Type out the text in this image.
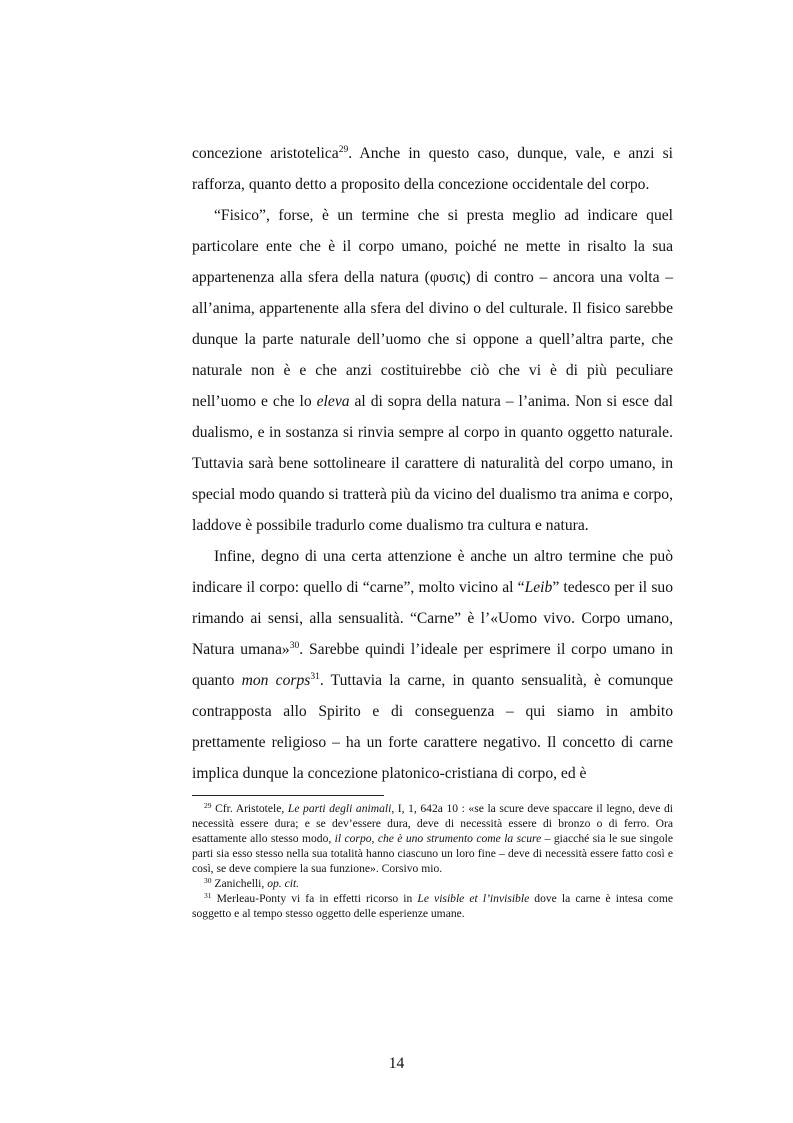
concezione aristotelica$^{29}$. Anche in questo caso, dunque, vale, e anzi si rafforza, quanto detto a proposito della concezione occidentale del corpo.

“Fisico”, forse, è un termine che si presta meglio ad indicare quel particolare ente che è il corpo umano, poiché ne mette in risalto la sua appartenenza alla sfera della natura (φυσις) di contro – ancora una volta – all’anima, appartenente alla sfera del divino o del culturale. Il fisico sarebbe dunque la parte naturale dell’uomo che si oppone a quell’altra parte, che naturale non è e che anzi costituirebbe ciò che vi è di più peculiare nell’uomo e che lo eleva al di sopra della natura – l’anima. Non si esce dal dualismo, e in sostanza si rinvia sempre al corpo in quanto oggetto naturale. Tuttavia sarà bene sottolineare il carattere di naturalità del corpo umano, in special modo quando si tratterà più da vicino del dualismo tra anima e corpo, laddove è possibile tradurlo come dualismo tra cultura e natura.

Infine, degno di una certa attenzione è anche un altro termine che può indicare il corpo: quello di “carne”, molto vicino al “Leib” tedesco per il suo rimando ai sensi, alla sensualità. “Carne” è l’«Uomo vivo. Corpo umano, Natura umana»$^{30}$. Sarebbe quindi l’ideale per esprimere il corpo umano in quanto mon corps$^{31}$. Tuttavia la carne, in quanto sensualità, è comunque contrapposta allo Spirito e di conseguenza – qui siamo in ambito prettamente religioso – ha un forte carattere negativo. Il concetto di carne implica dunque la concezione platonico-cristiana di corpo, ed è

$^{29}$ Cfr. Aristotele, Le parti degli animali, I, 1, 642a 10 : «se la scure deve spaccare il legno, deve di necessità essere dura; e se dev’essere dura, deve di necessità essere di bronzo o di ferro. Ora esattamente allo stesso modo, il corpo, che è uno strumento come la scure – giacché sia le sue singole parti sia esso stesso nella sua totalità hanno ciascuno un loro fine – deve di necessità essere fatto così e così, se deve compiere la sua funzione». Corsivo mio.

$^{30}$ Zanichelli, op. cit.

$^{31}$ Merleau-Ponty vi fa in effetti ricorso in Le visible et l’invisible dove la carne è intesa come soggetto e al tempo stesso oggetto delle esperienze umane.

14
